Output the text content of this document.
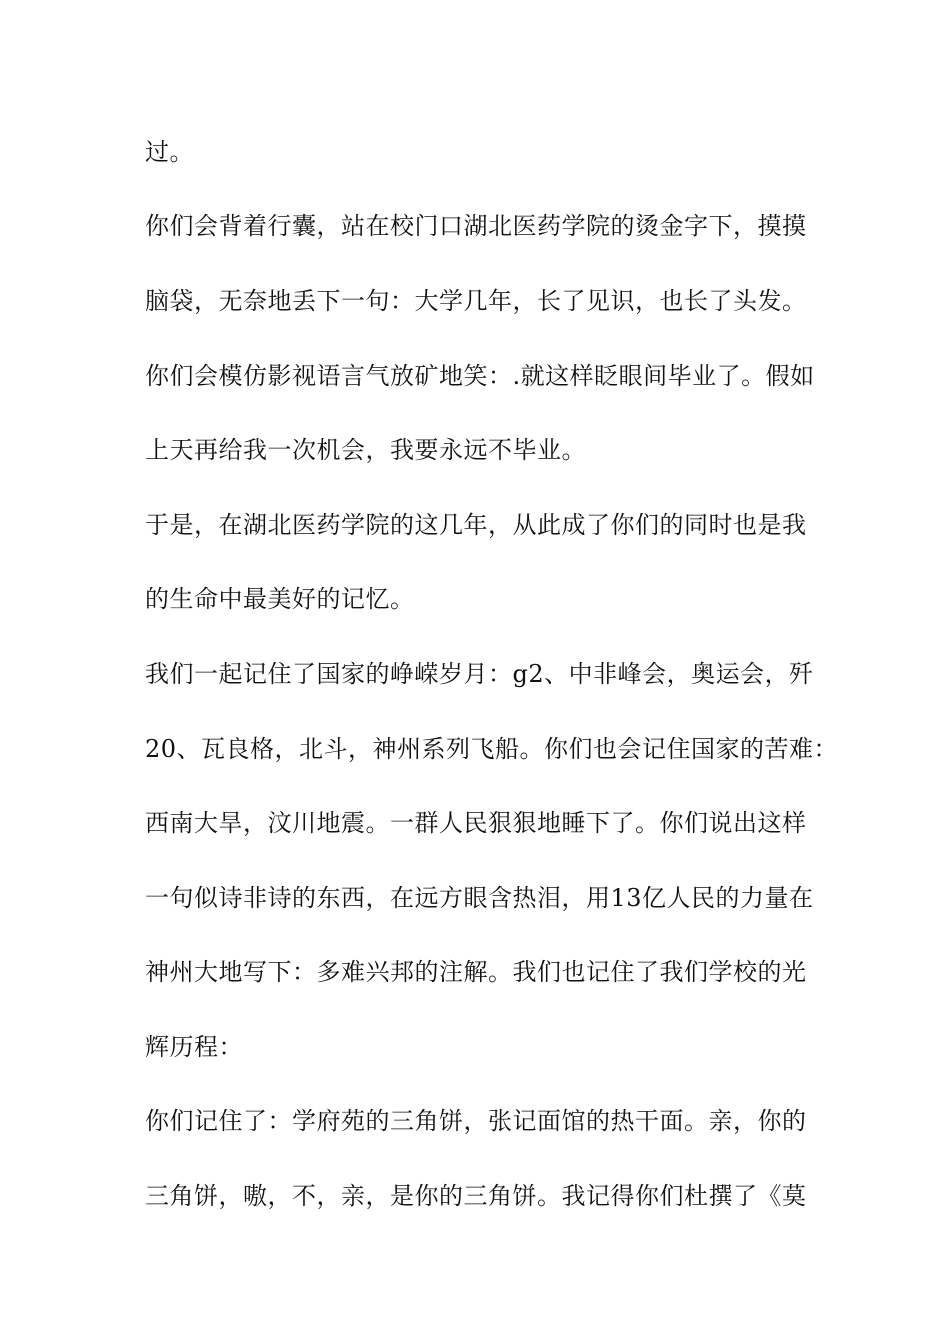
过。
你们会背着行囊，站在校门口湖北医药学院的烫金字下，摸摸
脑袋，无奈地丢下一句：大学几年，长了见识，也长了头发。
你们会模仿影视语言气放矿地笑：.就这样眨眼间毕业了。假如
上天再给我一次机会，我要永远不毕业。
于是，在湖北医药学院的这几年，从此成了你们的同时也是我
的生命中最美好的记忆。
我们一起记住了国家的峥嵘岁月：g2、中非峰会，奥运会，歼
20、瓦良格，北斗，神州系列飞船。你们也会记住国家的苦难：
西南大旱，汶川地震。一群人民狠狠地睡下了。你们说出这样
一句似诗非诗的东西，在远方眼含热泪，用13亿人民的力量在
神州大地写下：多难兴邦的注解。我们也记住了我们学校的光
辉历程：
你们记住了：学府苑的三角饼，张记面馆的热干面。亲，你的
三角饼，嗷，不，亲，是你的三角饼。我记得你们杜撰了《莫
